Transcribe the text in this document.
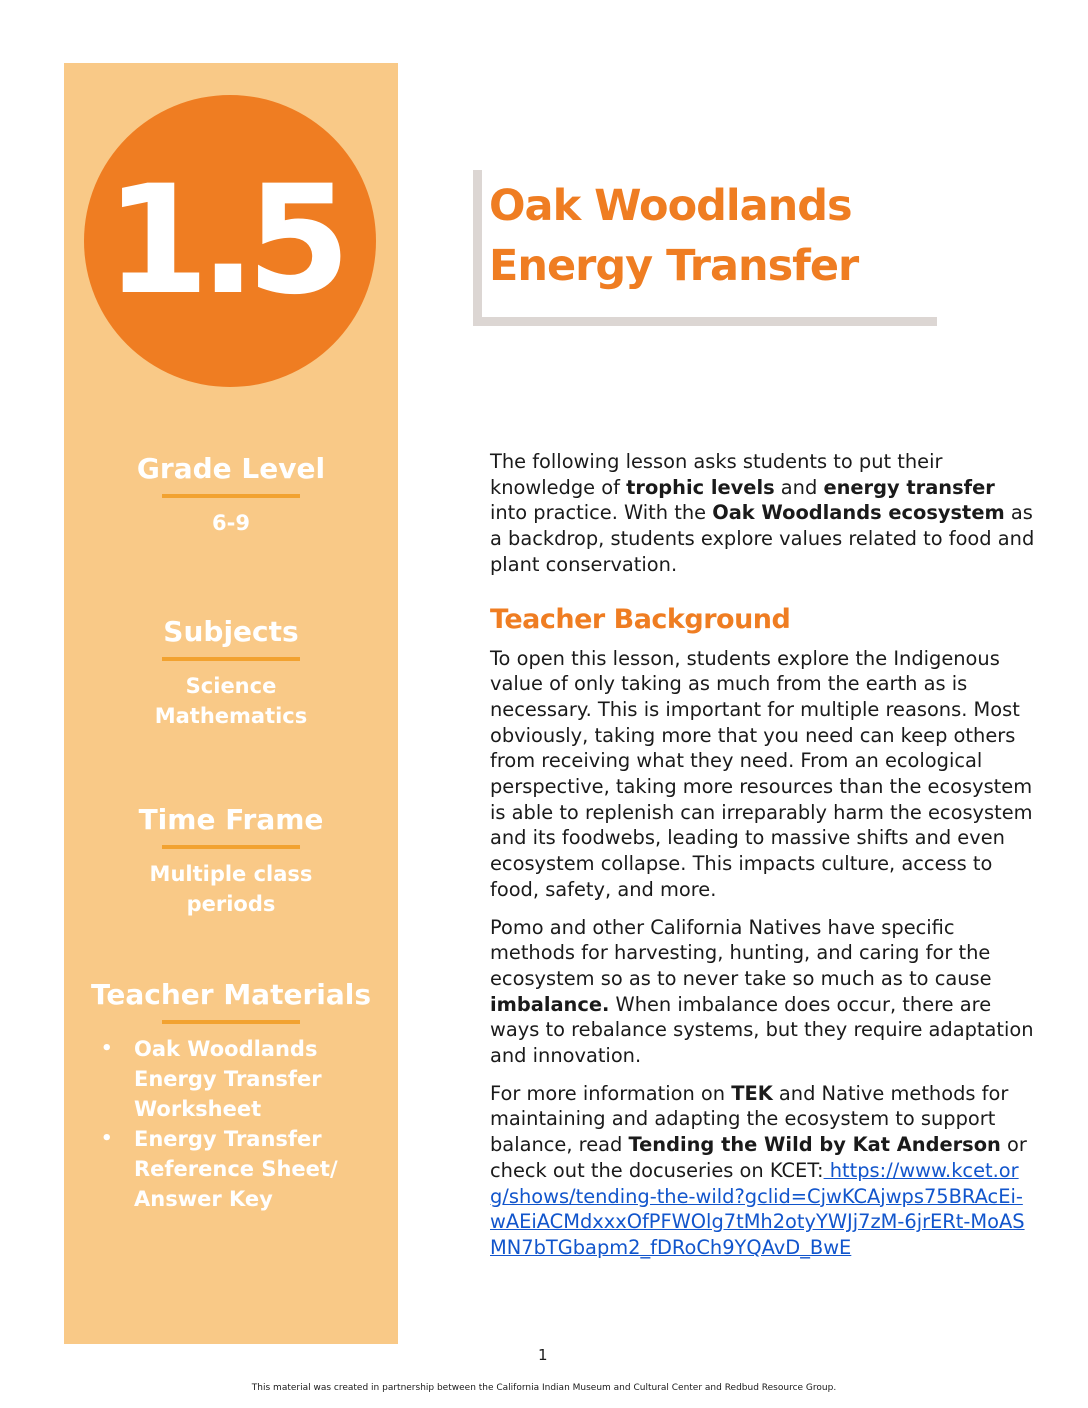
1.5
Grade Level
6-9
Subjects
Science
Mathematics
Time Frame
Multiple class
periods
Teacher Materials
• Oak Woodlands Energy Transfer Worksheet
• Energy Transfer Reference Sheet/ Answer Key
Oak Woodlands Energy Transfer

The following lesson asks students to put their knowledge of trophic levels and energy transfer into practice. With the Oak Woodlands ecosystem as a backdrop, students explore values related to food and plant conservation.

Teacher Background

To open this lesson, students explore the Indigenous value of only taking as much from the earth as is necessary. This is important for multiple reasons. Most obviously, taking more that you need can keep others from receiving what they need. From an ecological perspective, taking more resources than the ecosystem is able to replenish can irreparably harm the ecosystem and its foodwebs, leading to massive shifts and even ecosystem collapse. This impacts culture, access to food, safety, and more.

Pomo and other California Natives have specific methods for harvesting, hunting, and caring for the ecosystem so as to never take so much as to cause imbalance. When imbalance does occur, there are ways to rebalance systems, but they require adaptation and innovation.

For more information on TEK and Native methods for maintaining and adapting the ecosystem to support balance, read Tending the Wild by Kat Anderson or check out the docuseries on KCET: https://www.kcet.org/shows/tending-the-wild?gclid=CjwKCAjwps75BRAcEi-wAEiACMdxxxOfPFWOlg7tMh2otyYWJj7zM-6jrERt-MoASMN7bTGbapm2_fDRoCh9YQAvD_BwE

1
This material was created in partnership between the California Indian Museum and Cultural Center and Redbud Resource Group.
